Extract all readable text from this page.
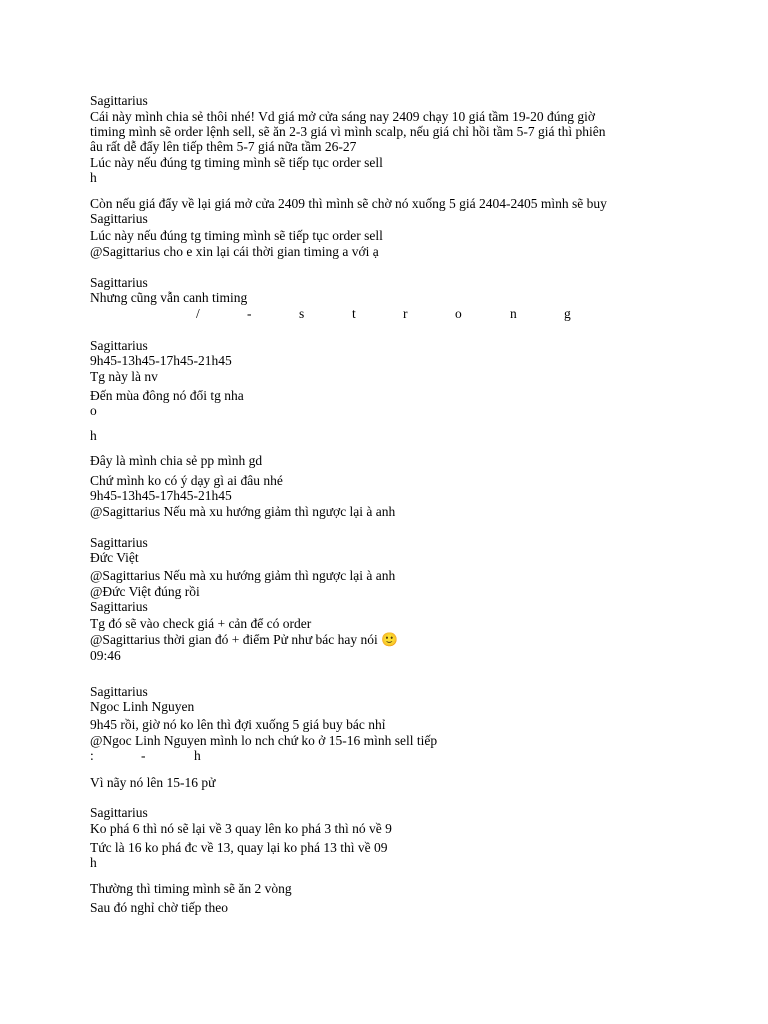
Sagittarius
Cái này mình chia sẻ thôi nhé! Vd giá mở cửa sáng nay 2409 chạy 10 giá tầm 19-20 đúng giờ
timing mình sẽ order lệnh sell, sẽ ăn 2-3 giá vì mình scalp, nếu giá chỉ hồi tầm 5-7 giá thì phiên
âu rất dễ đẩy lên tiếp thêm 5-7 giá nữa tầm 26-27
Lúc này nếu đúng tg timing mình sẽ tiếp tục order sell
h
Còn nếu giá đẩy về lại giá mở cửa 2409 thì mình sẽ chờ nó xuống 5 giá 2404-2405 mình sẽ buy
Sagittarius
Lúc này nếu đúng tg timing mình sẽ tiếp tục order sell
@Sagittarius cho e xin lại cái thời gian timing a với ạ
Sagittarius
Nhưng cũng vẫn canh timing
/	-	s	t	r	o	n	g
Sagittarius
9h45-13h45-17h45-21h45
Tg này là nv
Đến mùa đông nó đổi tg nha
o
h
Đây là mình chia sẻ pp mình gd
Chứ mình ko có ý dạy gì ai đâu nhé
9h45-13h45-17h45-21h45
@Sagittarius Nếu mà xu hướng giảm thì ngược lại à anh
Sagittarius
Đức Việt
@Sagittarius Nếu mà xu hướng giảm thì ngược lại à anh
@Đức Việt đúng rồi
Sagittarius
Tg đó sẽ vào check giá + cản để có order
@Sagittarius thời gian đó + điểm Pử như bác hay nói 🙂
09:46
Sagittarius
Ngoc Linh Nguyen
9h45 rồi, giờ nó ko lên thì đợi xuống 5 giá buy bác nhỉ
@Ngoc Linh Nguyen mình lo nch chứ ko ở 15-16 mình sell tiếp
:	-	h
Vì nãy nó lên 15-16 pử
Sagittarius
Ko phá 6 thì nó sẽ lại về 3 quay lên ko phá 3 thì nó về 9
Tức là 16 ko phá đc về 13, quay lại ko phá 13 thì về 09
h
Thường thì timing mình sẽ ăn 2 vòng
Sau đó nghỉ chờ tiếp theo
